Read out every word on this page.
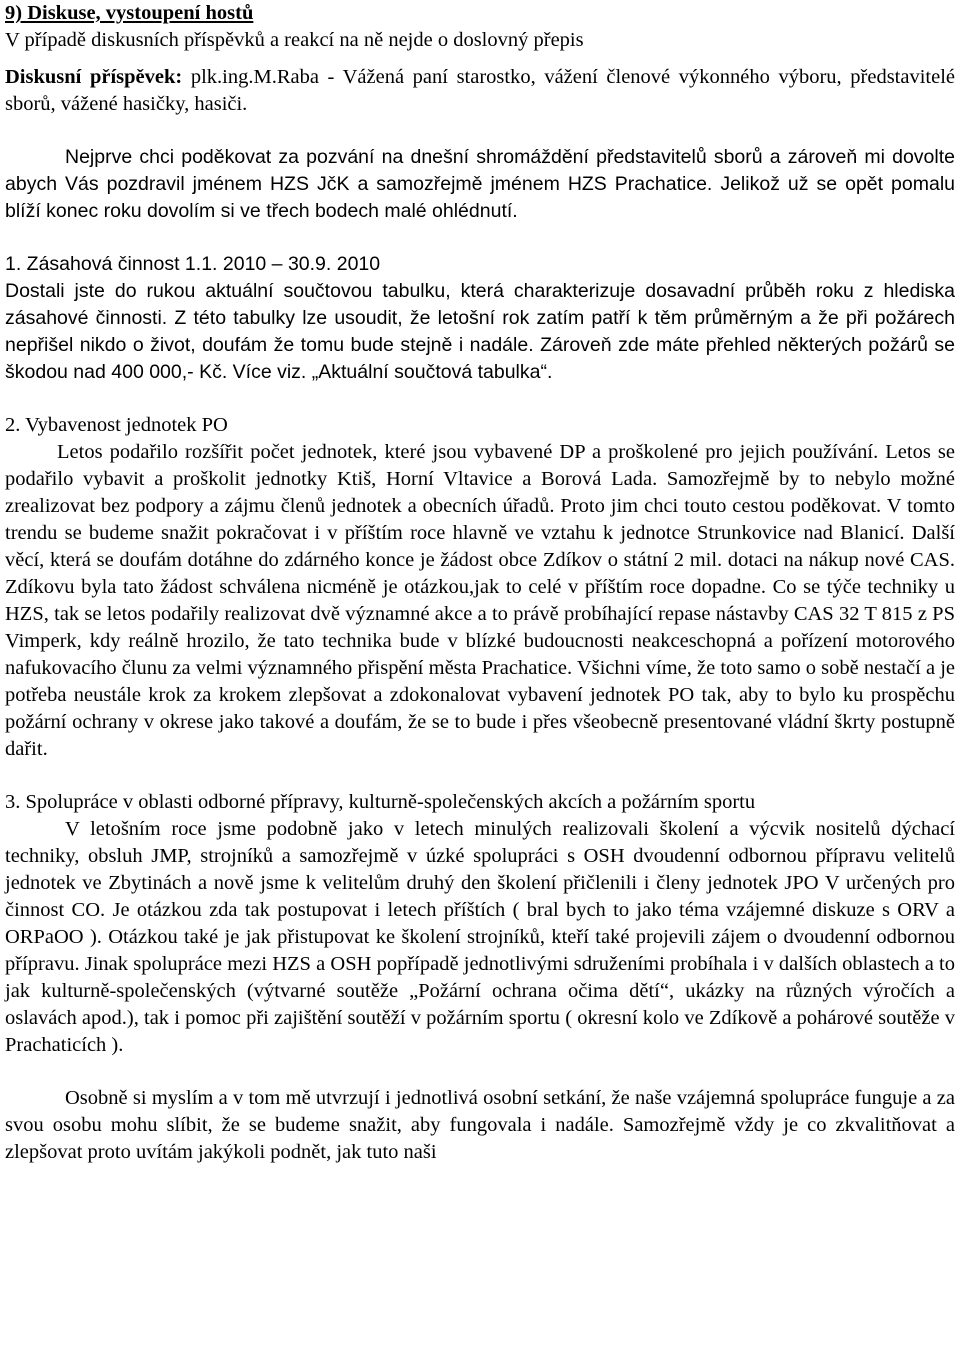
9) Diskuse, vystoupení hostů

V případě diskusních příspěvků a reakcí na ně nejde o doslovný přepis

Diskusní příspěvek: plk.ing.M.Raba - Vážená paní starostko, vážení členové výkonného výboru, představitelé sborů, vážené hasičky, hasiči.

Nejprve chci poděkovat za pozvání na dnešní shromáždění představitelů sborů a zároveň mi dovolte abych Vás pozdravil jménem HZS JčK a samozřejmě jménem HZS Prachatice. Jelikož už se opět pomalu blíží konec roku dovolím si ve třech bodech malé ohlédnutí.

1. Zásahová činnost 1.1. 2010 – 30.9. 2010

Dostali jste do rukou aktuální součtovou tabulku, která charakterizuje dosavadní průběh roku z hlediska zásahové činnosti. Z této tabulky lze usoudit, že letošní rok zatím patří k těm průměrným a že při požárech nepřišel nikdo o život, doufám že tomu bude stejně i nadále. Zároveň zde máte přehled některých požárů se škodou nad 400 000,- Kč. Více viz. „Aktuální součtová tabulka“.

2. Vybavenost jednotek PO

Letos podařilo rozšířit počet jednotek, které jsou vybavené DP a proškolené pro jejich používání. Letos se podařilo vybavit a proškolit jednotky Ktiš, Horní Vltavice a Borová Lada. Samozřejmě by to nebylo možné zrealizovat bez podpory a zájmu členů jednotek a obecních úřadů. Proto jim chci touto cestou poděkovat. V tomto trendu se budeme snažit pokračovat i v příštím roce hlavně ve vztahu k jednotce Strunkovice nad Blanicí. Další věcí, která se doufám dotáhne do zdárného konce je žádost obce Zdíkov o státní 2 mil. dotaci na nákup nové CAS. Zdíkovu byla tato žádost schválena nicméně je otázkou,jak to celé v příštím roce dopadne. Co se týče techniky u HZS, tak se letos podařily realizovat dvě významné akce a to právě probíhající repase nástavby CAS 32 T 815 z PS Vimperk, kdy reálně hrozilo, že tato technika bude v blízké budoucnosti neakceschopná a pořízení motorového nafukovacího člunu za velmi významného přispění města Prachatice. Všichni víme, že toto samo o sobě nestačí a je potřeba neustále krok za krokem zlepšovat a zdokonalovat vybavení jednotek PO tak, aby to bylo ku prospěchu požární ochrany v okrese jako takové a doufám, že se to bude i přes všeobecně presentované vládní škrty postupně dařit.

3. Spolupráce v oblasti odborné přípravy, kulturně-společenských akcích a požárním sportu

V letošním roce jsme podobně jako v letech minulých realizovali školení a výcvik nositelů dýchací techniky, obsluh JMP, strojníků a samozřejmě v úzké spolupráci s OSH dvoudenní odbornou přípravu velitelů jednotek ve Zbytinách a nově jsme k velitelům druhý den školení přičlenili i členy jednotek JPO V určených pro činnost CO. Je otázkou zda tak postupovat i letech příštích ( bral bych to jako téma vzájemné diskuze s ORV a ORPaOO ). Otázkou také je jak přistupovat ke školení strojníků, kteří také projevili zájem o dvoudenní odbornou přípravu. Jinak spolupráce mezi HZS a OSH popřípadě jednotlivými sdruženími probíhala i v dalších oblastech a to jak kulturně-společenských (výtvarné soutěže „Požární ochrana očima dětí“, ukázky na různých výročích a oslavách apod.), tak i pomoc při zajištění soutěží v požárním sportu ( okresní kolo ve Zdíkově a pohárové soutěže v Prachaticích ).

Osobně si myslím a v tom mě utvrzují i jednotlivá osobní setkání, že naše vzájemná spolupráce funguje a za svou osobu mohu slíbit, že se budeme snažit, aby fungovala i nadále. Samozřejmě vždy je co zkvalitňovat a zlepšovat proto uvítám jakýkoli podnět, jak tuto naši
